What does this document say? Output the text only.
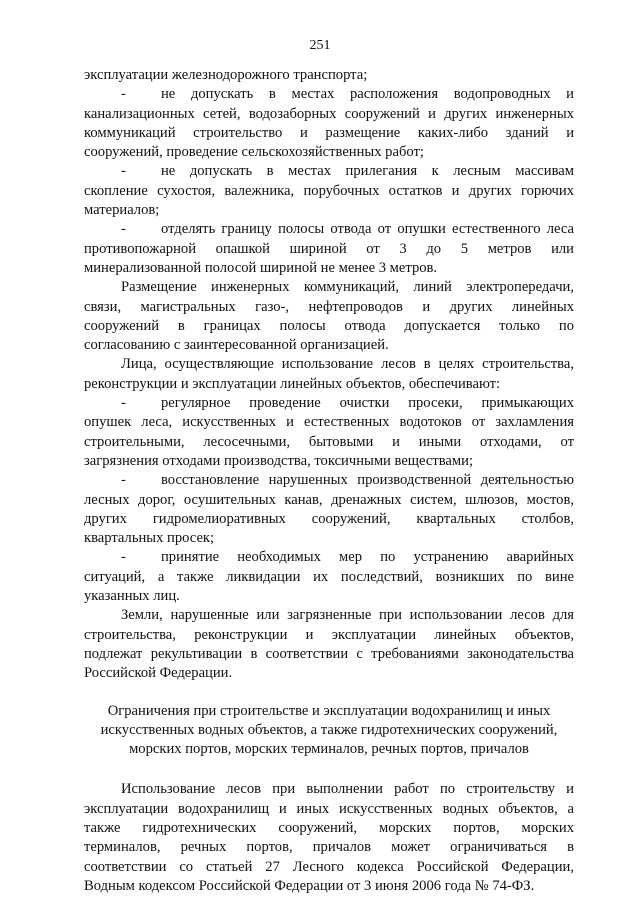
251
эксплуатации железнодорожного транспорта;
- не допускать в местах расположения водопроводных и
канализационных сетей, водозаборных сооружений и других инженерных
коммуникаций строительство и размещение каких-либо зданий и
сооружений, проведение сельскохозяйственных работ;
- не допускать в местах прилегания к лесным массивам
скопление сухостоя, валежника, порубочных остатков и других горючих
материалов;
- отделять границу полосы отвода от опушки естественного леса
противопожарной опашкой шириной от 3 до 5 метров или
минерализованной полосой шириной не менее 3 метров.
Размещение инженерных коммуникаций, линий электропередачи,
связи, магистральных газо-, нефтепроводов и других линейных
сооружений в границах полосы отвода допускается только по
согласованию с заинтересованной организацией.
Лица, осуществляющие использование лесов в целях строительства,
реконструкции и эксплуатации линейных объектов, обеспечивают:
- регулярное проведение очистки просеки, примыкающих
опушек леса, искусственных и естественных водотоков от захламления
строительными, лесосечными, бытовыми и иными отходами, от
загрязнения отходами производства, токсичными веществами;
- восстановление нарушенных производственной деятельностью
лесных дорог, осушительных канав, дренажных систем, шлюзов, мостов,
других гидромелиоративных сооружений, квартальных столбов,
квартальных просек;
- принятие необходимых мер по устранению аварийных
ситуаций, а также ликвидации их последствий, возникших по вине
указанных лиц.
Земли, нарушенные или загрязненные при использовании лесов для
строительства, реконструкции и эксплуатации линейных объектов,
подлежат рекультивации в соответствии с требованиями законодательства
Российской Федерации.
Ограничения при строительстве и эксплуатации водохранилищ и иных
искусственных водных объектов, а также гидротехнических сооружений,
морских портов, морских терминалов, речных портов, причалов
Использование лесов при выполнении работ по строительству и
эксплуатации водохранилищ и иных искусственных водных объектов, а
также гидротехнических сооружений, морских портов, морских
терминалов, речных портов, причалов может ограничиваться в
соответствии со статьей 27 Лесного кодекса Российской Федерации,
Водным кодексом Российской Федерации от 3 июня 2006 года № 74-ФЗ.
